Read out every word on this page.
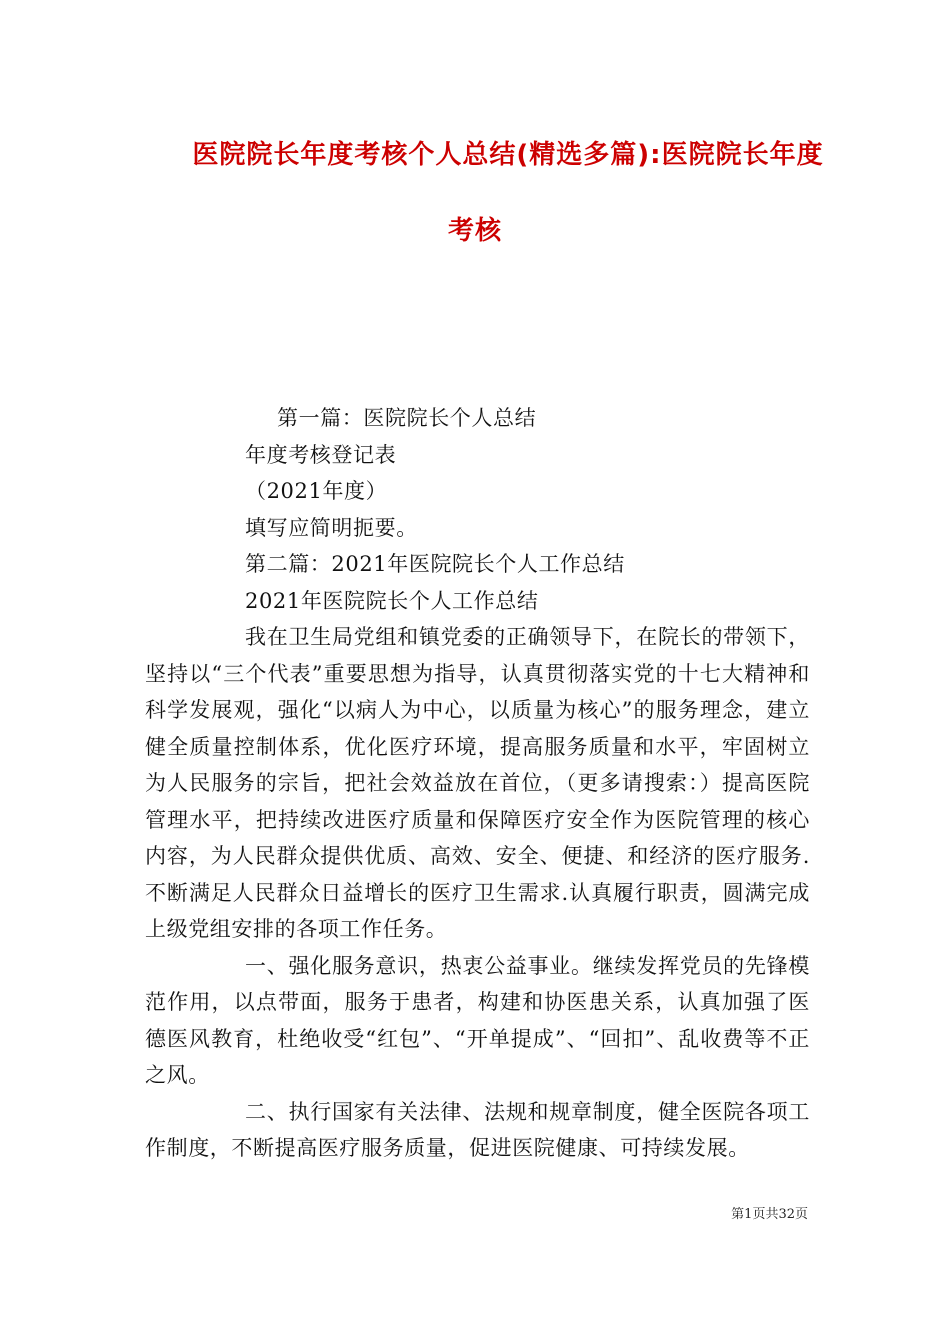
医院院长年度考核个人总结(精选多篇):医院院长年度
考核

第一篇：医院院长个人总结

年度考核登记表

（2021年度）

填写应简明扼要。

第二篇：2021年医院院长个人工作总结

2021年医院院长个人工作总结

我在卫生局党组和镇党委的正确领导下，在院长的带领下，坚持以“三个代表”重要思想为指导，认真贯彻落实党的十七大精神和科学发展观，强化“以病人为中心，以质量为核心”的服务理念，建立健全质量控制体系，优化医疗环境，提高服务质量和水平，牢固树立为人民服务的宗旨，把社会效益放在首位，（更多请搜索：）提高医院管理水平，把持续改进医疗质量和保障医疗安全作为医院管理的核心内容，为人民群众提供优质、高效、安全、便捷、和经济的医疗服务.不断满足人民群众日益增长的医疗卫生需求.认真履行职责，圆满完成上级党组安排的各项工作任务。

一、强化服务意识，热衷公益事业。继续发挥党员的先锋模范作用，以点带面，服务于患者，构建和协医患关系，认真加强了医德医风教育，杜绝收受“红包”、“开单提成”、“回扣”、乱收费等不正之风。

二、执行国家有关法律、法规和规章制度，健全医院各项工作制度，不断提高医疗服务质量，促进医院健康、可持续发展。

第1页共32页
